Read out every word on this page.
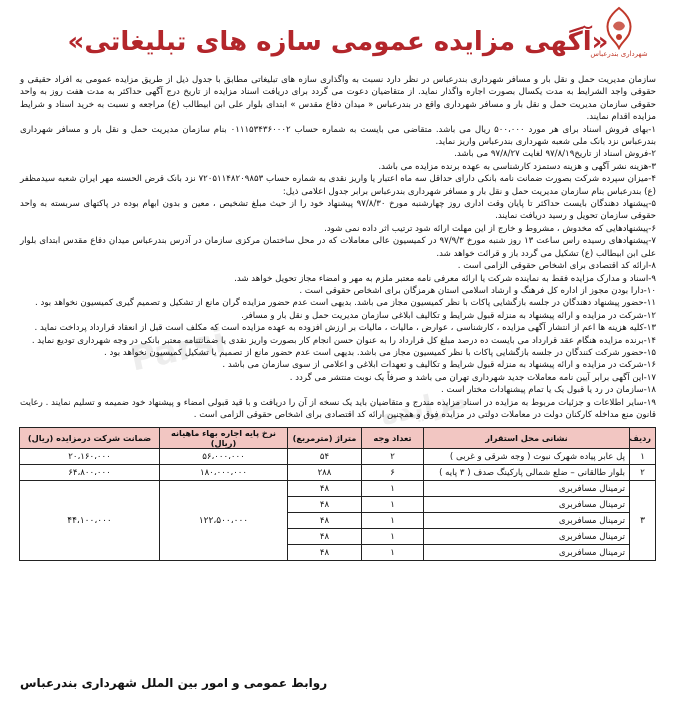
شهرداری بندرعباس
«آگهی مزایده عمومی سازه های تبلیغاتی»

سازمان مدیریت حمل و نقل بار و مسافر شهرداری بندرعباس در نظر دارد نسبت به واگذاری سازه های تبلیغاتی مطابق با جدول ذیل از طریق مزایده عمومی به افراد حقیقی و حقوقی واجد الشرایط به مدت یکسال بصورت اجاره واگذار نماید. از متقاضیان دعوت می گردد برای دریافت اسناد مزایده از تاریخ درج آگهی حداکثر به مدت هفت روز به واحد حقوقی سازمان مدیریت حمل و نقل بار و مسافر شهرداری واقع در بندرعباس « میدان دفاع مقدس » ابتدای بلوار علی ابن ابیطالب (ع) مراجعه و نسبت به خرید اسناد و شرایط مزایده اقدام نمایند.

۱-بهای فروش اسناد برای هر مورد ۵۰۰،۰۰۰ ریال می باشد. متقاضی می بایست به شماره حساب ۰۱۱۱۵۳۴۳۶۰۰۰۲ بنام سازمان مدیریت حمل و نقل بار و مسافر شهرداری بندرعباس نزد بانک ملی شعبه شهرداری بندرعباس واریز نماید.

۲-فروش اسناد از تاریخ۹۷/۸/۱۹ لغایت ۹۷/۸/۲۷ می باشد.

۳-هزینه نشر آگهی و هزینه دستمزد کارشناسی به عهده برنده مزایده می باشد.

۴-میزان سپرده شرکت بصورت ضمانت نامه بانکی دارای حداقل سه ماه اعتبار یا واریز نقدی به شماره حساب ۷۲۰۵۱۱۴۸۲۰۹۸۵۳ نزد بانک قرض الحسنه مهر ایران شعبه سیدمظفر (ع) بندرعباس بنام سازمان مدیریت حمل و نقل بار و مسافر شهرداری بندرعباس برابر جدول اعلامی ذیل:

۵-پیشنهاد دهندگان بایست حداکثر تا پایان وقت اداری روز چهارشنبه مورخ ۹۷/۸/۳۰ پیشنهاد خود را از حیث مبلغ تشخیص ، معین و بدون ابهام بوده در پاکتهای سربسته به واحد حقوقی سازمان تحویل و رسید دریافت نمایند.

۶-پیشنهادهایی که مخدوش ، مشروط و خارج از این مهلت ارائه شود ترتیب اثر داده نمی شود.

۷-پیشنهادهای رسیده راس ساعت ۱۳ روز شنبه مورخ ۹۷/۹/۳ در کمیسیون عالی معاملات که در محل ساختمان مرکزی سازمان در آدرس بندرعباس میدان دفاع مقدس ابتدای بلوار علی ابن ابیطالب (ع) تشکیل می گردد باز و قرائت خواهد شد.

۸-ارائه کد اقتصادی برای اشخاص حقوقی الزامی است .

۹-اسناد و مدارک مزایده فقط به نماینده شرکت یا ارائه معرفی نامه معتبر ملزم به مهر و امضاء مجاز تحویل خواهد شد.

۱۰-دارا بودن مجوز از اداره کل فرهنگ و ارشاد اسلامی استان هرمزگان برای اشخاص حقوقی است .

۱۱-حضور پیشنهاد دهندگان در جلسه بازگشایی پاکات با نظر کمیسیون مجاز می باشد. بدیهی است عدم حضور مزایده گران مانع از تشکیل و تصمیم گیری کمیسیون نخواهد بود .

۱۲-شرکت در مزایده و ارائه پیشنهاد به منزله قبول شرایط و تکالیف ابلاغی سازمان مدیریت حمل و نقل بار و مسافر.

۱۳-کلیه هزینه ها اعم از انتشار آگهی مزایده ، کارشناسی ، عوارض ، مالیات ، مالیات بر ارزش افزوده به عهده مزایده است که مکلف است قبل از انعقاد قرارداد پرداخت نماید .

۱۴-برنده مزایده هنگام عقد قرارداد می بایست ده درصد مبلغ کل قرارداد را به عنوان حسن انجام کار بصورت واریز نقدی یا ضمانتنامه معتبر بانکی در وجه شهرداری تودیع نماید .

۱۵-حضور شرکت کنندگان در جلسه بازگشایی پاکات با نظر کمیسیون مجاز می باشد. بدیهی است عدم حضور مانع از تصمیم یا تشکیل کمیسیون نخواهد بود .

۱۶-شرکت در مزایده و ارائه پیشنهاد به منزله قبول شرایط و تکالیف و تعهدات ابلاغی و اعلامی از سوی سازمان می باشد .

۱۷-این آگهی برابر آیین نامه معاملات جدید شهرداری تهران می باشد و صرفاً یک نوبت منتشر می گردد .

۱۸-سازمان در رد یا قبول یک یا تمام پیشنهادات مختار است .

۱۹-سایر اطلاعات و جزئیات مربوط به مزایده در اسناد مزایده مندرج و متقاضیان باید یک نسخه از آن را دریافت و با قید قبولی امضاء و پیشنهاد خود ضمیمه و تسلیم نمایند . رعایت قانون منع مداخله کارکنان دولت در معاملات دولتی در مزایده فوق و همچنین ارائه کد اقتصادی برای اشخاص حقوقی الزامی است .

ردیف	نشانی محل استقرار	تعداد وجه	متراژ (مترمربع)	نرخ پایه اجاره بهاء ماهیانه (ریال)	ضمانت شرکت درمزایده (ریال)
۱	پل عابر پیاده شهرک نبوت ( وجه شرقی و غربی )	۲	۵۴	۵۶،۰۰۰،۰۰۰	۲۰،۱۶۰،۰۰۰
۲	بلوار طالقانی – ضلع شمالی پارکینگ صدف ( ۳ پایه )	۶	۲۸۸	۱۸۰،۰۰۰،۰۰۰	۶۴،۸۰۰،۰۰۰
۳	ترمینال مسافربری	۱	۴۸	۱۲۲،۵۰۰،۰۰۰	۴۴،۱۰۰،۰۰۰
	ترمینال مسافربری	۱	۴۸		
	ترمینال مسافربری	۱	۴۸		
	ترمینال مسافربری	۱	۴۸		
	ترمینال مسافربری	۱	۴۸		
Parsi
مزایده
روابط عمومی و امور بین الملل شهرداری بندرعباس
